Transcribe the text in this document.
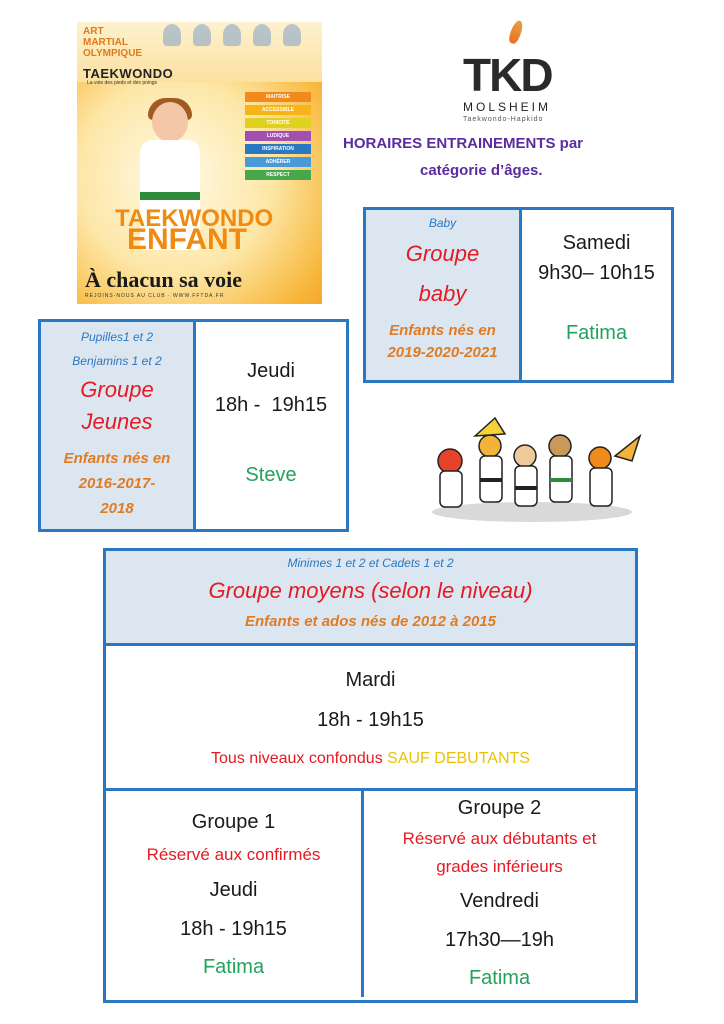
ART
MARTIAL
OLYMPIQUE
TAEKWONDO
La voie des pieds et des poings
MAITRISE
ACCESSIBLE
TONICITÉ
LUDIQUE
INSPIRATION
ADHÉRER
RESPECT
TAEKWONDO
ENFANT
À chacun sa voie
REJOINS-NOUS AU CLUB · WWW.FFTDA.FR
TKD
MOLSHEIM
Taekwondo-Hapkido
HORAIRES ENTRAINEMENTS par
catégorie d’âges.
Baby
Groupe
baby
Enfants nés en
2019-2020-2021
Samedi
9h30– 10h15
Fatima
Pupilles1 et 2
Benjamins 1 et 2
Groupe
Jeunes
Enfants nés en
2016-2017-
2018
Jeudi
18h -  19h15
Steve
Minimes 1 et 2 et Cadets 1 et 2
Groupe moyens (selon le niveau)
Enfants et ados nés de 2012 à 2015
Mardi
18h - 19h15
Tous niveaux confondus SAUF DEBUTANTS
Groupe 1
Réservé aux confirmés
Jeudi
18h - 19h15
Fatima
Groupe 2
Réservé aux débutants et
grades inférieurs
Vendredi
17h30—19h
Fatima
